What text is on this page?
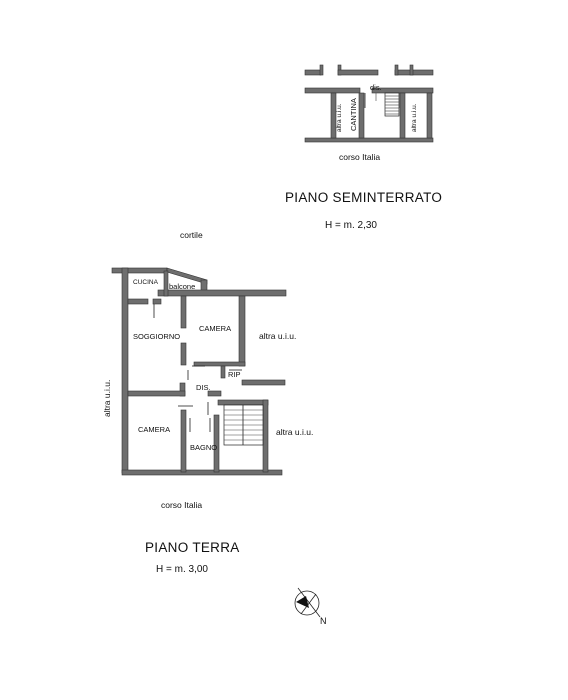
dis.
CANTINA
altra u.i.u.	altra u.i.u.
corso Italia
PIANO SEMINTERRATO
H = m. 2,30
cortile
CUCINA balcone
SOGGIORNO
CAMERA
RIP
DIS.
CAMERA
BAGNO
altra u.i.u.
altra u.i.u.
altra u.i.u.
corso Italia
PIANO TERRA
H = m. 3,00
N
